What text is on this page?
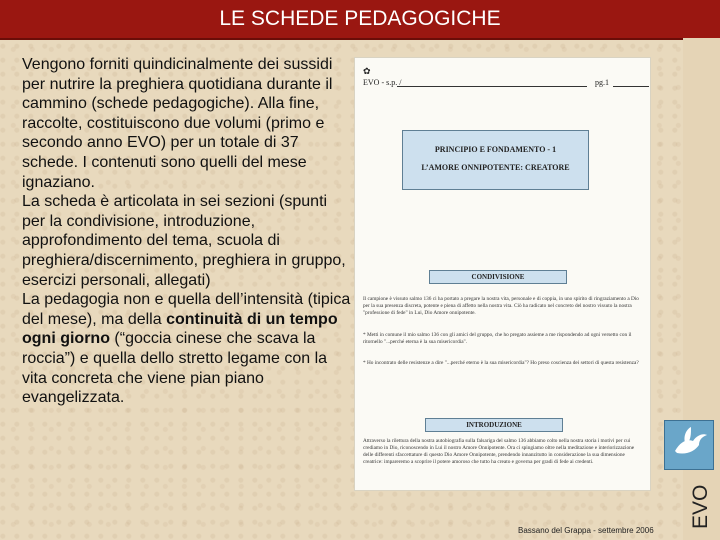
LE SCHEDE PEDAGOGICHE

Vengono forniti quindicinalmente dei sussidi per nutrire la preghiera quotidiana durante il cammino (schede pedagogiche). Alla fine, raccolte, costituiscono due volumi (primo e secondo anno EVO) per un totale di 37 schede. I contenuti sono quelli del mese ignaziano.

La scheda è articolata in sei sezioni (spunti per la condivisione, introduzione, approfondimento del tema, scuola di preghiera/discernimento, preghiera in gruppo, esercizi personali, allegati)

La pedagogia non e quella dell’intensità (tipica del mese), ma della continuità di un tempo ogni giorno (“goccia cinese che scava la roccia”) e quella dello stretto legame con la vita concreta che viene pian piano evangelizzata.

✿
EVO - s.p. /	pg.1
PRINCIPIO E FONDAMENTO - 1
L’AMORE ONNIPOTENTE: CREATORE
CONDIVISIONE
Il campione è vissuto salmo 136 ci ha portato a pregare la nostra vita, personale e di coppia, in uno spirito di ringraziamento a Dio per la sua presenza discreta, potente e piena di affetto nella nostra vita. Ciò ha radicato nel concreto del nostro vissuto la nostra "professione di fede" in Lui, Dio Amore onnipotente.
* Metti in comune il mio salmo 136 con gli amici del gruppo, che ho pregato assieme a me rispondendo ad ogni versetto con il ritornello "...perché eterna è la sua misericordia".
* Ho incontrato delle resistenze a dire "...perché eterno è la sua misericordia"? Ho preso coscienza dei settori di questa resistenza?
INTRODUZIONE
Attraverso la rilettura della nostra autobiografia sulla falsariga del salmo 136 abbiamo colto nella nostra storia i motivi per cui crediamo in Dio, riconoscendo in Lui il nostro Amore Onnipotente. Ora ci spingiamo oltre nella meditazione e interiorizzazione delle differenti sfaccettature di questo Dio Amore Onnipotente, prendendo innanzitutto in considerazione la sua dimensione creatrice: impareremo a scoprire il potere amoroso che tutto ha creato e governa per gradi di fede ai credenti.
EVO
Bassano del Grappa - settembre 2006
